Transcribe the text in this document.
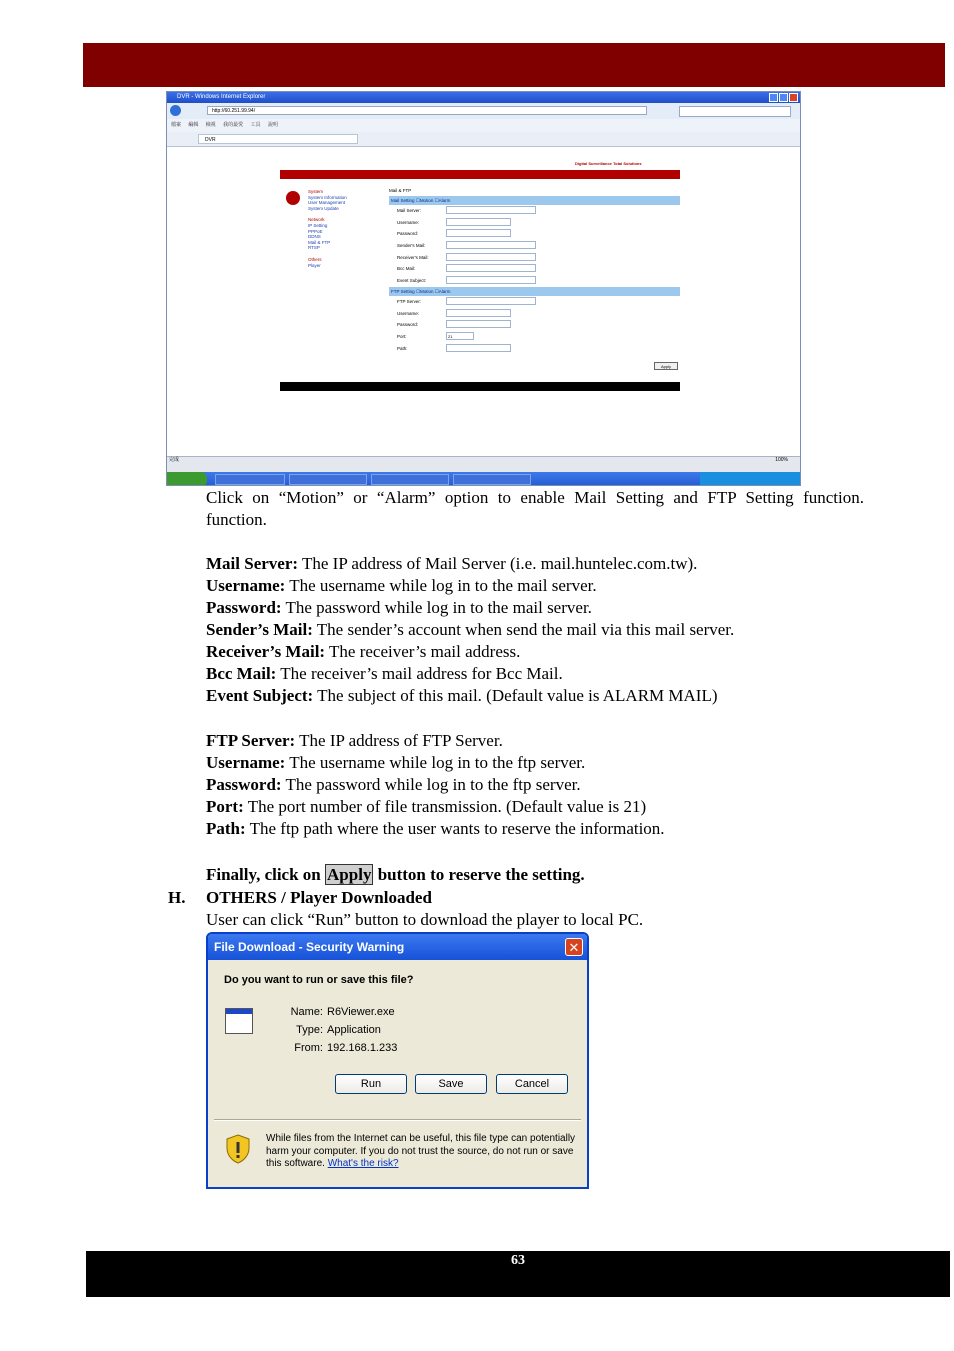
DVR - Windows Internet Explorer
http://60.251.99.94/
檔案 編輯 檢視 我的最愛 工具 說明
DVR
Digital Surveillance Total Solutions
System
System Information
User Management
System Update
Network
IP Setting
PPPoE
DDNS
Mail & FTP
RTSP
Others
Player
Mail & FTP
Mail Setting ☐Motion ☐Alarm
Mail Server:
Username:
Password:
Sender's Mail:
Receiver's Mail:
Bcc Mail:
Event Subject:
FTP Setting ☐Motion ☐Alarm
FTP Server:
Username:
Password:
Port:	21
Path:
Apply
完成	100%
Click on “Motion” or “Alarm” option to enable Mail Setting and FTP Setting function.
function.
Mail Server: The IP address of Mail Server (i.e. mail.huntelec.com.tw).
Username: The username while log in to the mail server.
Password: The password while log in to the mail server.
Sender’s Mail: The sender’s account when send the mail via this mail server.
Receiver’s Mail: The receiver’s mail address.
Bcc Mail: The receiver’s mail address for Bcc Mail.
Event Subject: The subject of this mail. (Default value is ALARM MAIL)
FTP Server: The IP address of FTP Server.
Username: The username while log in to the ftp server.
Password: The password while log in to the ftp server.
Port: The port number of file transmission. (Default value is 21)
Path: The ftp path where the user wants to reserve the information.
Finally, click on Apply button to reserve the setting.
H. OTHERS / Player Downloaded
User can click “Run” button to download the player to local PC.
File Download - Security Warning	✕
Do you want to run or save this file?
Name: R6Viewer.exe
Type: Application
From: 192.168.1.233
Run	Save	Cancel
While files from the Internet can be useful, this file type can potentially harm your computer. If you do not trust the source, do not run or save this software. What's the risk?
63
